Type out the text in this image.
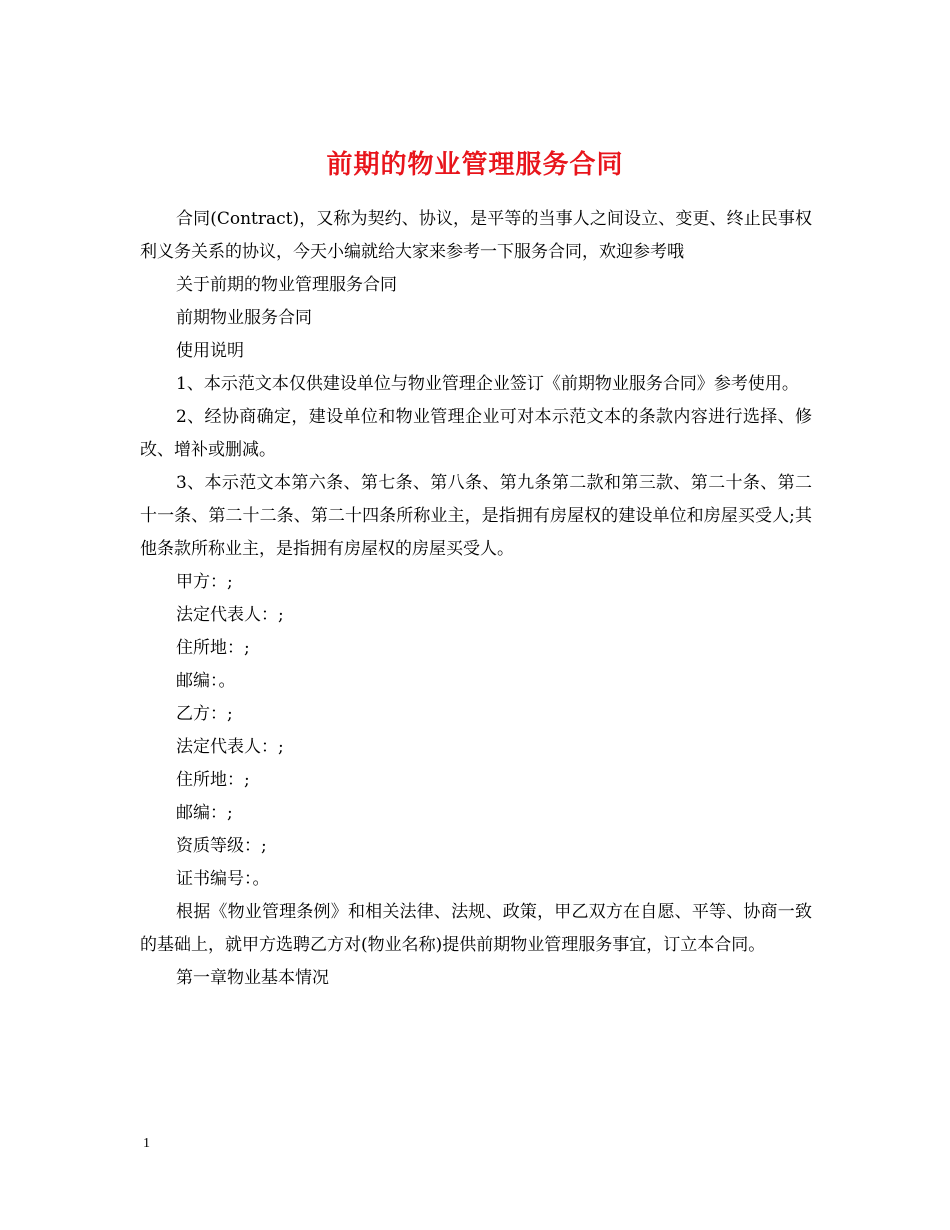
前期的物业管理服务合同

合同(Contract)，又称为契约、协议，是平等的当事人之间设立、变更、终止民事权利义务关系的协议，今天小编就给大家来参考一下服务合同，欢迎参考哦

关于前期的物业管理服务合同

前期物业服务合同

使用说明

1、本示范文本仅供建设单位与物业管理企业签订《前期物业服务合同》参考使用。

2、经协商确定，建设单位和物业管理企业可对本示范文本的条款内容进行选择、修改、增补或删减。

3、本示范文本第六条、第七条、第八条、第九条第二款和第三款、第二十条、第二十一条、第二十二条、第二十四条所称业主，是指拥有房屋权的建设单位和房屋买受人;其他条款所称业主，是指拥有房屋权的房屋买受人。

甲方：;

法定代表人：;

住所地：;

邮编：。

乙方：;

法定代表人：;

住所地：;

邮编：;

资质等级：;

证书编号：。

根据《物业管理条例》和相关法律、法规、政策，甲乙双方在自愿、平等、协商一致的基础上，就甲方选聘乙方对(物业名称)提供前期物业管理服务事宜，订立本合同。

第一章物业基本情况

1
